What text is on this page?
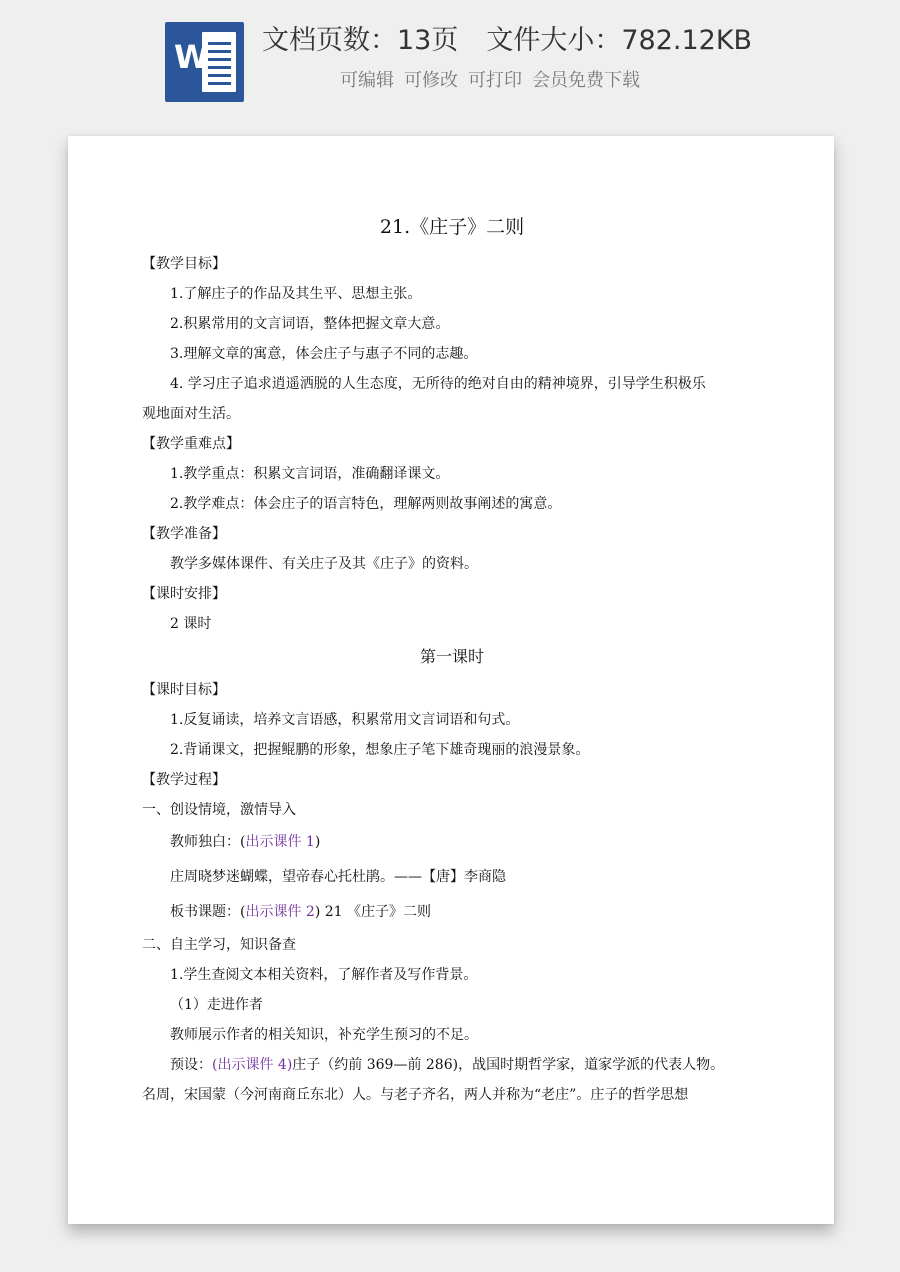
W 文档页数：13页 文件大小：782.12KB
可编辑 可修改 可打印 会员免费下载
21.《庄子》二则
【教学目标】
1.了解庄子的作品及其生平、思想主张。
2.积累常用的文言词语，整体把握文章大意。
3.理解文章的寓意，体会庄子与惠子不同的志趣。
4. 学习庄子追求逍遥洒脱的人生态度，无所待的绝对自由的精神境界，引导学生积极乐
观地面对生活。
【教学重难点】
1.教学重点：积累文言词语，准确翻译课文。
2.教学难点：体会庄子的语言特色，理解两则故事阐述的寓意。
【教学准备】
教学多媒体课件、有关庄子及其《庄子》的资料。
【课时安排】
2 课时
第一课时
【课时目标】
1.反复诵读，培养文言语感，积累常用文言词语和句式。
2.背诵课文，把握鲲鹏的形象，想象庄子笔下雄奇瑰丽的浪漫景象。
【教学过程】
一、创设情境，激情导入
教师独白：(出示课件 1)
庄周晓梦迷蝴蝶，望帝春心托杜鹃。——【唐】李商隐
板书课题：(出示课件 2) 21 《庄子》二则
二、自主学习，知识备查
1.学生查阅文本相关资料，了解作者及写作背景。
（1）走进作者
教师展示作者的相关知识，补充学生预习的不足。
预设：(出示课件 4)庄子（约前 369—前 286)，战国时期哲学家，道家学派的代表人物。
名周，宋国蒙（今河南商丘东北）人。与老子齐名，两人并称为“老庄”。庄子的哲学思想
